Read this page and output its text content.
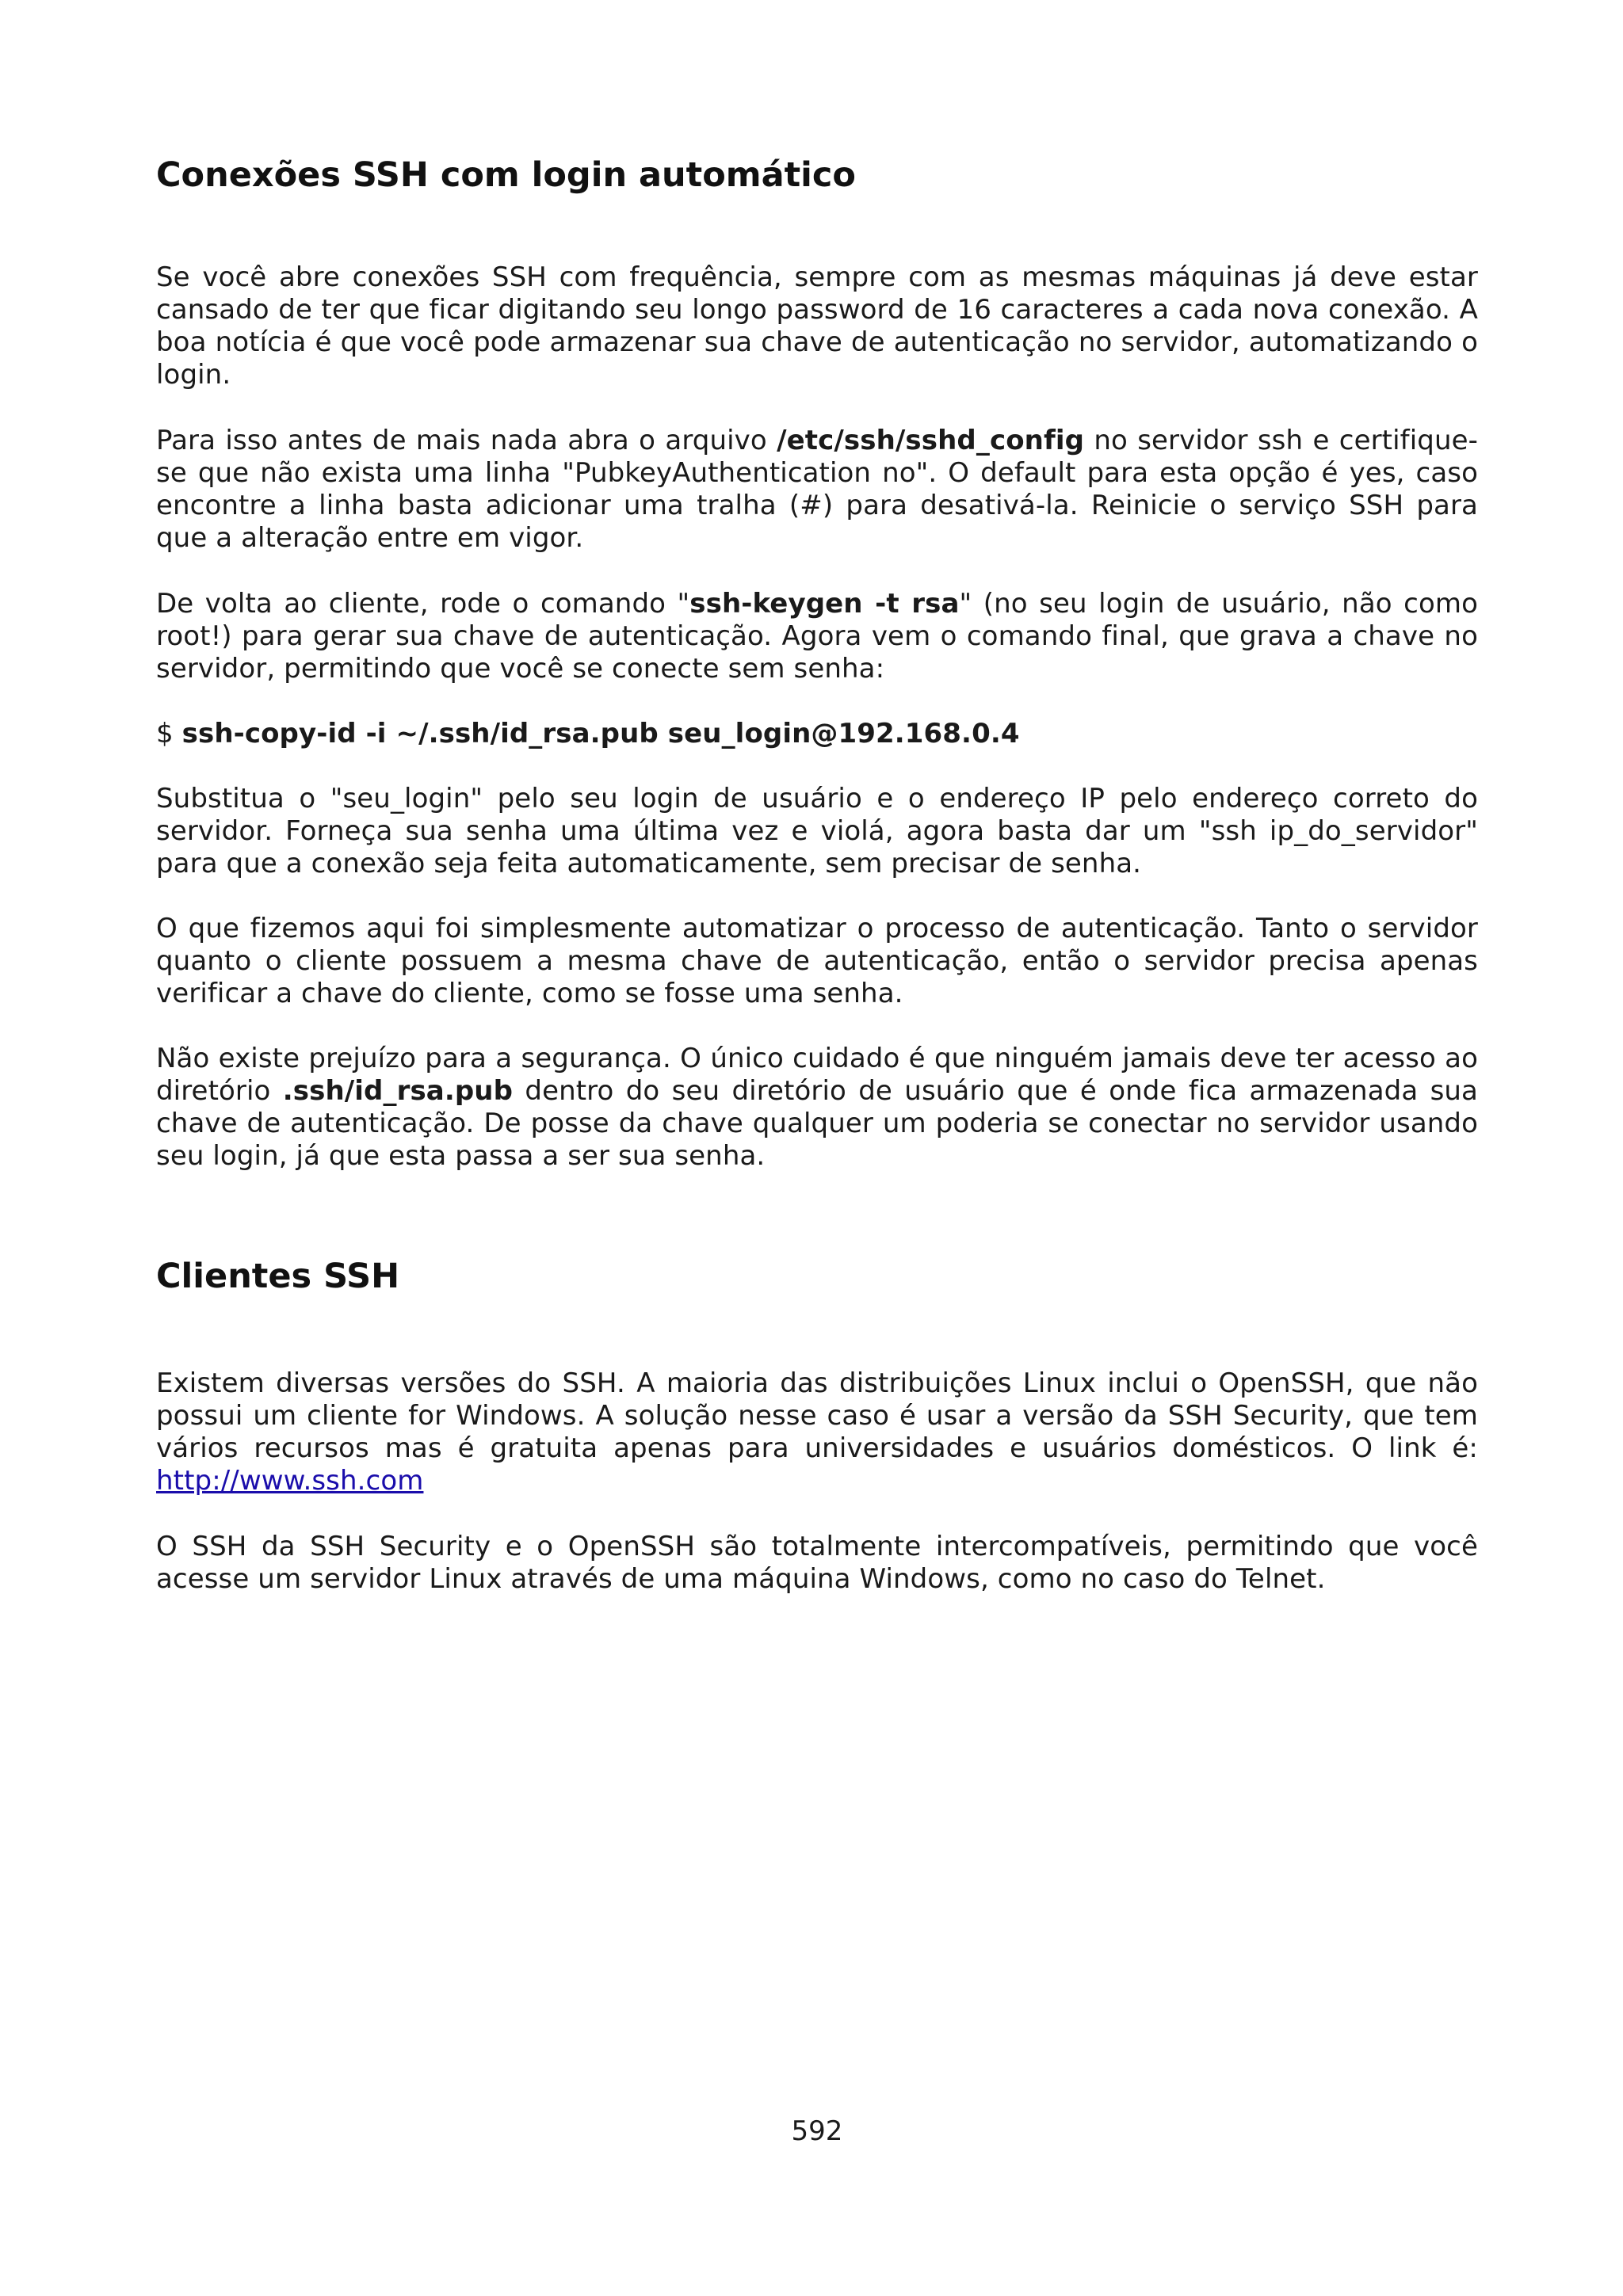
Conexões SSH com login automático

Se você abre conexões SSH com frequência, sempre com as mesmas máquinas já deve estar cansado de ter que ficar digitando seu longo password de 16 caracteres a cada nova conexão. A boa notícia é que você pode armazenar sua chave de autenticação no servidor, automatizando o login.

Para isso antes de mais nada abra o arquivo /etc/ssh/sshd_config no servidor ssh e certifique-se que não exista uma linha "PubkeyAuthentication no". O default para esta opção é yes, caso encontre a linha basta adicionar uma tralha (#) para desativá-la. Reinicie o serviço SSH para que a alteração entre em vigor.

De volta ao cliente, rode o comando "ssh-keygen -t rsa" (no seu login de usuário, não como root!) para gerar sua chave de autenticação. Agora vem o comando final, que grava a chave no servidor, permitindo que você se conecte sem senha:

$ ssh-copy-id -i ~/.ssh/id_rsa.pub seu_login@192.168.0.4

Substitua o "seu_login" pelo seu login de usuário e o endereço IP pelo endereço correto do servidor. Forneça sua senha uma última vez e violá, agora basta dar um "ssh ip_do_servidor" para que a conexão seja feita automaticamente, sem precisar de senha.

O que fizemos aqui foi simplesmente automatizar o processo de autenticação. Tanto o servidor quanto o cliente possuem a mesma chave de autenticação, então o servidor precisa apenas verificar a chave do cliente, como se fosse uma senha.

Não existe prejuízo para a segurança. O único cuidado é que ninguém jamais deve ter acesso ao diretório .ssh/id_rsa.pub dentro do seu diretório de usuário que é onde fica armazenada sua chave de autenticação. De posse da chave qualquer um poderia se conectar no servidor usando seu login, já que esta passa a ser sua senha.

Clientes SSH

Existem diversas versões do SSH. A maioria das distribuições Linux inclui o OpenSSH, que não possui um cliente for Windows. A solução nesse caso é usar a versão da SSH Security, que tem vários recursos mas é gratuita apenas para universidades e usuários domésticos. O link é: http://www.ssh.com

O SSH da SSH Security e o OpenSSH são totalmente intercompatíveis, permitindo que você acesse um servidor Linux através de uma máquina Windows, como no caso do Telnet.

592
